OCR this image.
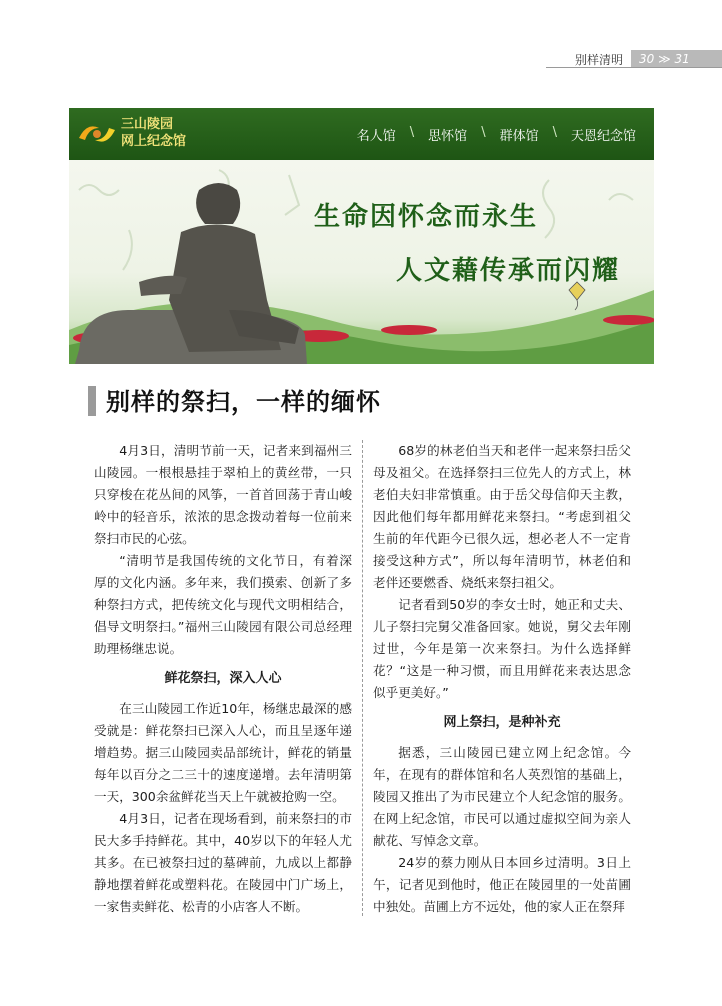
别样清明	30 ≫ 31
三山陵园
网上纪念馆	名人馆	\	思怀馆	\	群体馆	\	天恩纪念馆
生命因怀念而永生
人文藉传承而闪耀
别样的祭扫，一样的缅怀

4月3日，清明节前一天，记者来到福州三山陵园。一根根悬挂于翠柏上的黄丝带，一只只穿梭在花丛间的风筝，一首首回荡于青山峻岭中的轻音乐，浓浓的思念拨动着每一位前来祭扫市民的心弦。

“清明节是我国传统的文化节日，有着深厚的文化内涵。多年来，我们摸索、创新了多种祭扫方式，把传统文化与现代文明相结合，倡导文明祭扫。”福州三山陵园有限公司总经理助理杨继忠说。

鲜花祭扫，深入人心

在三山陵园工作近10年，杨继忠最深的感受就是：鲜花祭扫已深入人心，而且呈逐年递增趋势。据三山陵园卖品部统计，鲜花的销量每年以百分之二三十的速度递增。去年清明第一天，300余盆鲜花当天上午就被抢购一空。

4月3日，记者在现场看到，前来祭扫的市民大多手持鲜花。其中，40岁以下的年轻人尤其多。在已被祭扫过的墓碑前，九成以上都静静地摆着鲜花或塑料花。在陵园中门广场上，一家售卖鲜花、松青的小店客人不断。

68岁的林老伯当天和老伴一起来祭扫岳父母及祖父。在选择祭扫三位先人的方式上，林老伯夫妇非常慎重。由于岳父母信仰天主教，因此他们每年都用鲜花来祭扫。“考虑到祖父生前的年代距今已很久远，想必老人不一定肯接受这种方式”，所以每年清明节，林老伯和老伴还要燃香、烧纸来祭扫祖父。

记者看到50岁的李女士时，她正和丈夫、儿子祭扫完舅父准备回家。她说，舅父去年刚过世，今年是第一次来祭扫。为什么选择鲜花？“这是一种习惯，而且用鲜花来表达思念似乎更美好。”

网上祭扫，是种补充

据悉，三山陵园已建立网上纪念馆。今年，在现有的群体馆和名人英烈馆的基础上，陵园又推出了为市民建立个人纪念馆的服务。在网上纪念馆，市民可以通过虚拟空间为亲人献花、写悼念文章。

24岁的蔡力刚从日本回乡过清明。3日上午，记者见到他时，他正在陵园里的一处苗圃中独处。苗圃上方不远处，他的家人正在祭拜
